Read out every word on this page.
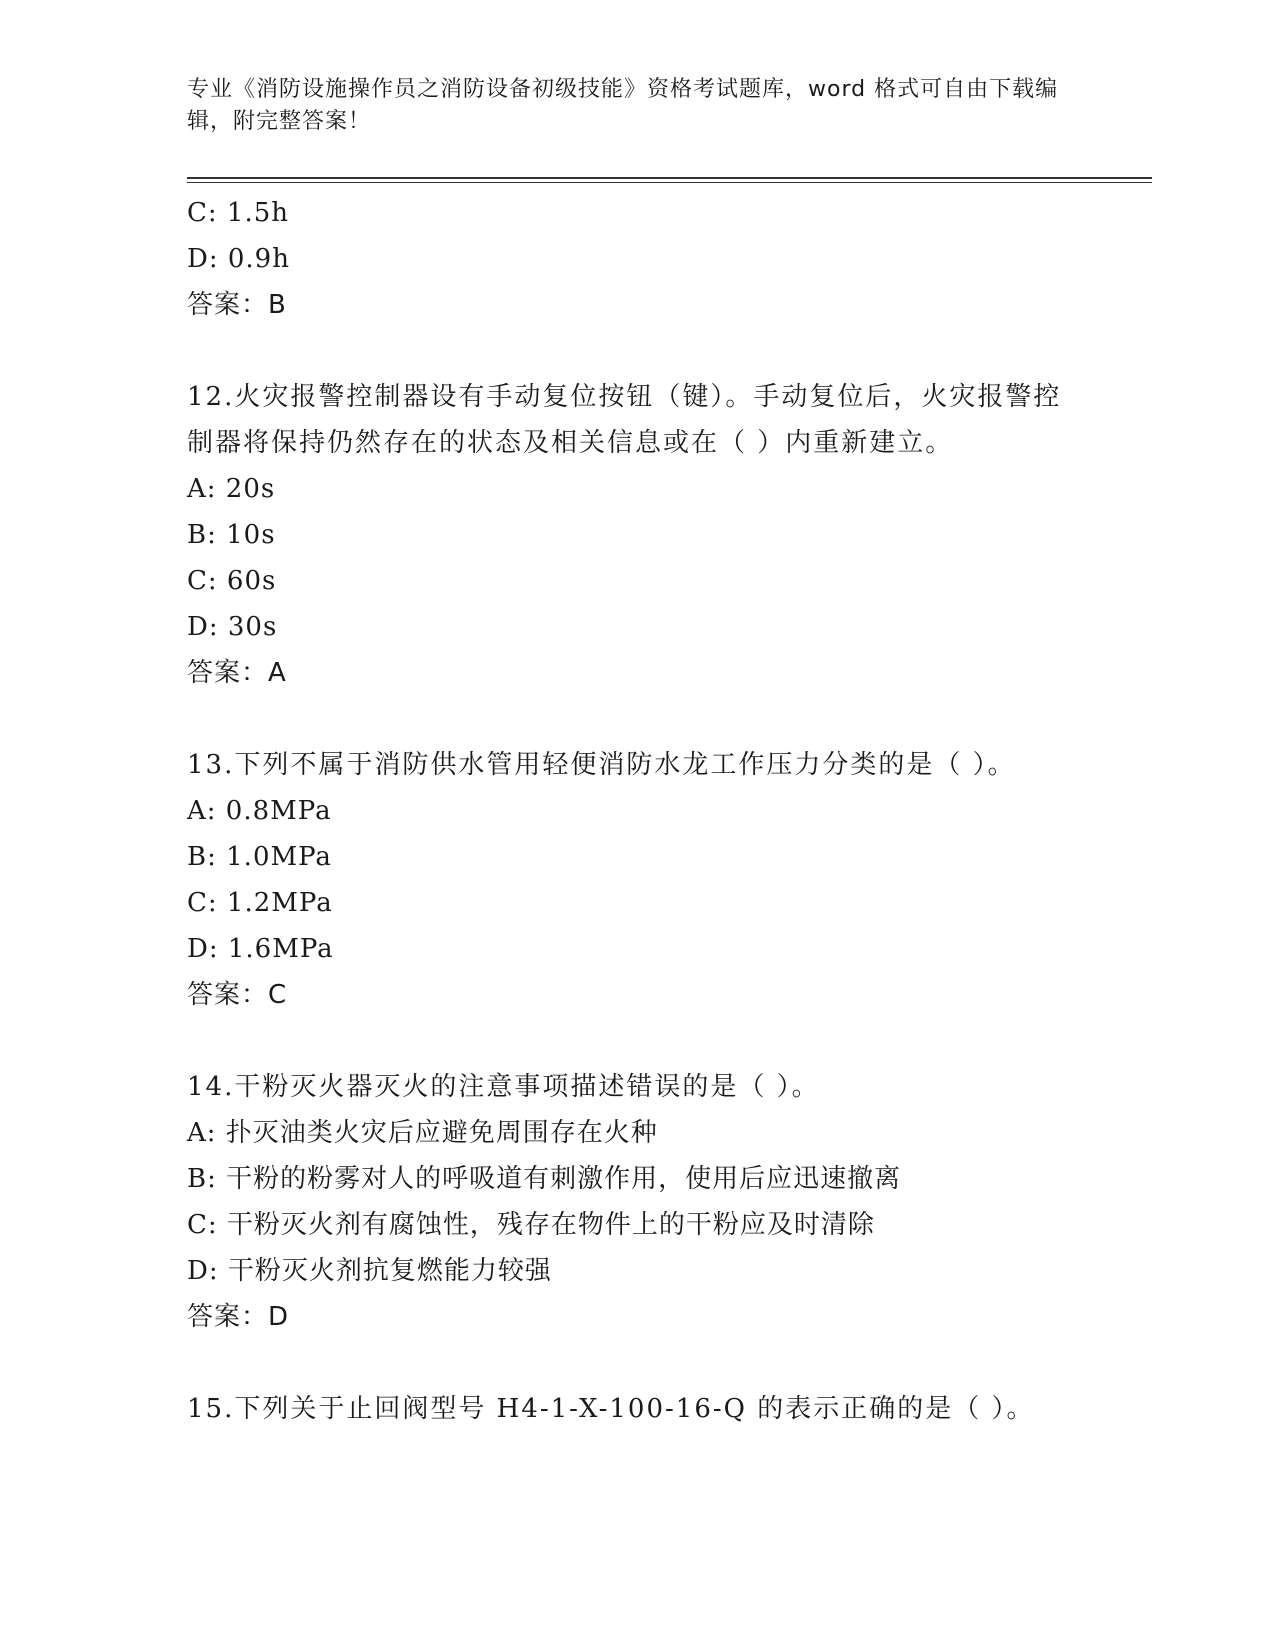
专业《消防设施操作员之消防设备初级技能》资格考试题库，word 格式可自由下载编辑，附完整答案！
C: 1.5h
D: 0.9h
答案：B
12.火灾报警控制器设有手动复位按钮（键）。手动复位后，火灾报警控制器将保持仍然存在的状态及相关信息或在（ ）内重新建立。
A: 20s
B: 10s
C: 60s
D: 30s
答案：A
13.下列不属于消防供水管用轻便消防水龙工作压力分类的是（ ）。
A: 0.8MPa
B: 1.0MPa
C: 1.2MPa
D: 1.6MPa
答案：C
14.干粉灭火器灭火的注意事项描述错误的是（ ）。
A: 扑灭油类火灾后应避免周围存在火种
B: 干粉的粉雾对人的呼吸道有刺激作用，使用后应迅速撤离
C: 干粉灭火剂有腐蚀性，残存在物件上的干粉应及时清除
D: 干粉灭火剂抗复燃能力较强
答案：D
15.下列关于止回阀型号 H4-1-X-100-16-Q 的表示正确的是（ ）。
